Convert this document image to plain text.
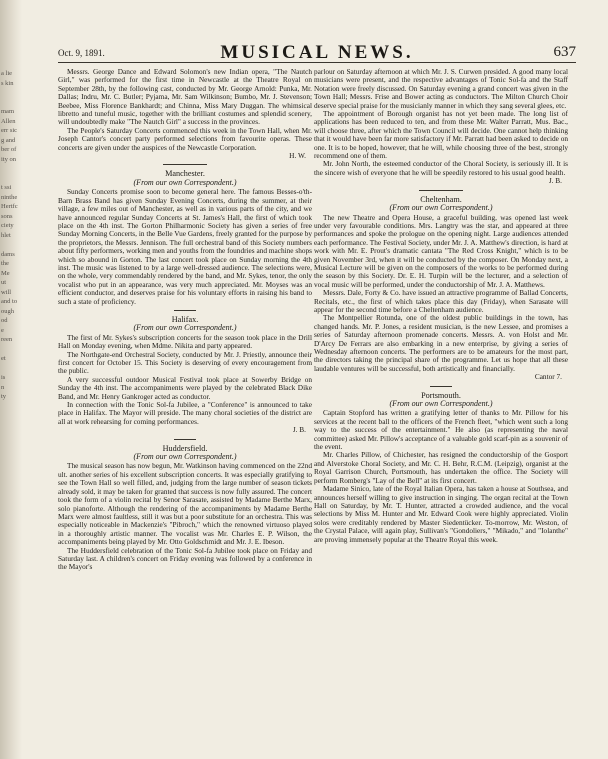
a lie
s kin
mam
Allen
err sic
g and
ber of
ity on
t ssi
ninthe
Hertfc
sons
ciety
hlet
dams
the
Me
ut
will
and to
ough
od
e
reen
et
is
n
ty
Oct. 9, 1891.	MUSICAL NEWS.	637

Messrs. George Dance and Edward Solomon's new Indian opera, "The Nautch Girl," was performed for the first time in Newcastle at the Theatre Royal on September 28th, by the following cast, conducted by Mr. George Arnold: Punka, Mr. Dallas; Indru, Mr. C. Butler; Pyjama, Mr. Sam Wilkinson; Bumbo, Mr. J. Stevenson; Beebee, Miss Florence Bankhardt; and Chinna, Miss Mary Duggan. The whimsical libretto and tuneful music, together with the brilliant costumes and splendid scenery, will undoubtedly make "The Nautch Girl" a success in the provinces.

The People's Saturday Concerts commenced this week in the Town Hall, when Mr. Joseph Cantor's concert party performed selections from favourite operas. These concerts are given under the auspices of the Newcastle Corporation.

H. W.
Manchester.
(From our own Correspondent.)

Sunday Concerts promise soon to become general here. The famous Besses-o'th-Barn Brass Band has given Sunday Evening Concerts, during the summer, at their village, a few miles out of Manchester, as well as in various parts of the city, and we have announced regular Sunday Concerts at St. James's Hall, the first of which took place on the 4th inst. The Gorton Philharmonic Society has given a series of free Sunday Morning Concerts, in the Belle Vue Gardens, freely granted for the purpose by the proprietors, the Messrs. Jennison. The full orchestral band of this Society numbers about fifty performers, working men and youths from the foundries and machine shops which so abound in Gorton. The last concert took place on Sunday morning the 4th inst. The music was listened to by a large well-dressed audience. The selections were, on the whole, very commendably rendered by the band, and Mr. Sykes, tenor, the only vocalist who put in an appearance, was very much appreciated. Mr. Moyses was an efficient conductor, and deserves praise for his voluntary efforts in raising his band to such a state of proficiency.

Halifax.
(From our own Correspondent.)

The first of Mr. Sykes's subscription concerts for the season took place in the Drill Hall on Monday evening, when Mdme. Nikita and party appeared.

The Northgate-end Orchestral Society, conducted by Mr. J. Priestly, announce their first concert for October 15. This Society is deserving of every encouragement from the public.

A very successful outdoor Musical Festival took place at Sowerby Bridge on Sunday the 4th inst. The accompaniments were played by the celebrated Black Dike Band, and Mr. Henry Gankroger acted as conductor.

In connection with the Tonic Sol-fa Jubilee, a "Conference" is announced to take place in Halifax. The Mayor will preside. The many choral societies of the district are all at work rehearsing for coming performances.

J. B.
Huddersfield.
(From our own Correspondent.)

The musical season has now begun, Mr. Watkinson having commenced on the 22nd ult. another series of his excellent subscription concerts. It was especially gratifying to see the Town Hall so well filled, and, judging from the large number of season tickets already sold, it may be taken for granted that success is now fully assured. The concert took the form of a violin recital by Senor Sarasate, assisted by Madame Berthe Marx, solo pianoforte. Although the rendering of the accompaniments by Madame Berthe Marx were almost faultless, still it was but a poor substitute for an orchestra. This was especially noticeable in Mackenzie's "Pibroch," which the renowned virtuoso played in a thoroughly artistic manner. The vocalist was Mr. Charles E. P. Wilson, the accompaniments being played by Mr. Otto Goldschmidt and Mr. J. E. Ibeson.

The Huddersfield celebration of the Tonic Sol-fa Jubilee took place on Friday and Saturday last. A children's concert on Friday evening was followed by a conference in the Mayor's

parlour on Saturday afternoon at which Mr. J. S. Curwen presided. A good many local musicians were present, and the respective advantages of Tonic Sol-fa and the Staff Notation were freely discussed. On Saturday evening a grand concert was given in the Town Hall; Messrs. Frise and Bower acting as conductors. The Milton Church Choir deserve special praise for the musicianly manner in which they sang several glees, etc.

The appointment of Borough organist has not yet been made. The long list of applications has been reduced to ten, and from these Mr. Walter Parratt, Mus. Bac., will choose three, after which the Town Council will decide. One cannot help thinking that it would have been far more satisfactory if Mr. Parratt had been asked to decide on one. It is to be hoped, however, that he will, while choosing three of the best, strongly recommend one of them.

Mr. John North, the esteemed conductor of the Choral Society, is seriously ill. It is the sincere wish of everyone that he will be speedily restored to his usual good health.

J. B.
Cheltenham.
(From our own Correspondent.)

The new Theatre and Opera House, a graceful building, was opened last week under very favourable conditions. Mrs. Langtry was the star, and appeared at three performances and spoke the prologue on the opening night. Large audiences attended each performance. The Festival Society, under Mr. J. A. Matthew's direction, is hard at work with Mr. E. Prout's dramatic cantata "The Red Cross Knight," which is to be given November 3rd, when it will be conducted by the composer. On Monday next, a Musical Lecture will be given on the composers of the works to be performed during the season by this Society. Dr. E. H. Turpin will be the lecturer, and a selection of vocal music will be performed, under the conductorship of Mr. J. A. Matthews.

Messrs. Dale, Forty & Co. have issued an attractive programme of Ballad Concerts, Recitals, etc., the first of which takes place this day (Friday), when Sarasate will appear for the second time before a Cheltenham audience.

The Montpellier Rotunda, one of the oldest public buildings in the town, has changed hands. Mr. P. Jones, a resident musician, is the new Lessee, and promises a series of Saturday afternoon promenade concerts. Messrs. A. von Holst and Mr. D'Arcy De Ferrars are also embarking in a new enterprise, by giving a series of Wednesday afternoon concerts. The performers are to be amateurs for the most part, the directors taking the principal share of the programme. Let us hope that all these laudable ventures will be successful, both artistically and financially.

Cantor 7.
Portsmouth.
(From our own Correspondent.)

Captain Stopford has written a gratifying letter of thanks to Mr. Pillow for his services at the recent ball to the officers of the French fleet, "which went such a long way to the success of the entertainment." He also (as representing the naval committee) asked Mr. Pillow's acceptance of a valuable gold scarf-pin as a souvenir of the event.

Mr. Charles Pillow, of Chichester, has resigned the conductorship of the Gosport and Alverstoke Choral Society, and Mr. C. H. Behr, R.C.M. (Leipzig), organist at the Royal Garrison Church, Portsmouth, has undertaken the office. The Society will perform Romberg's "Lay of the Bell" at its first concert.

Madame Sinico, late of the Royal Italian Opera, has taken a house at Southsea, and announces herself willing to give instruction in singing. The organ recital at the Town Hall on Saturday, by Mr. T. Hunter, attracted a crowded audience, and the vocal selections by Miss M. Hunter and Mr. Edward Cook were highly appreciated. Violin solos were creditably rendered by Master Siedentücker. To-morrow, Mr. Weston, of the Crystal Palace, will again play, Sullivan's "Gondoliers," "Mikado," and "Iolanthe" are proving immensely popular at the Theatre Royal this week.
